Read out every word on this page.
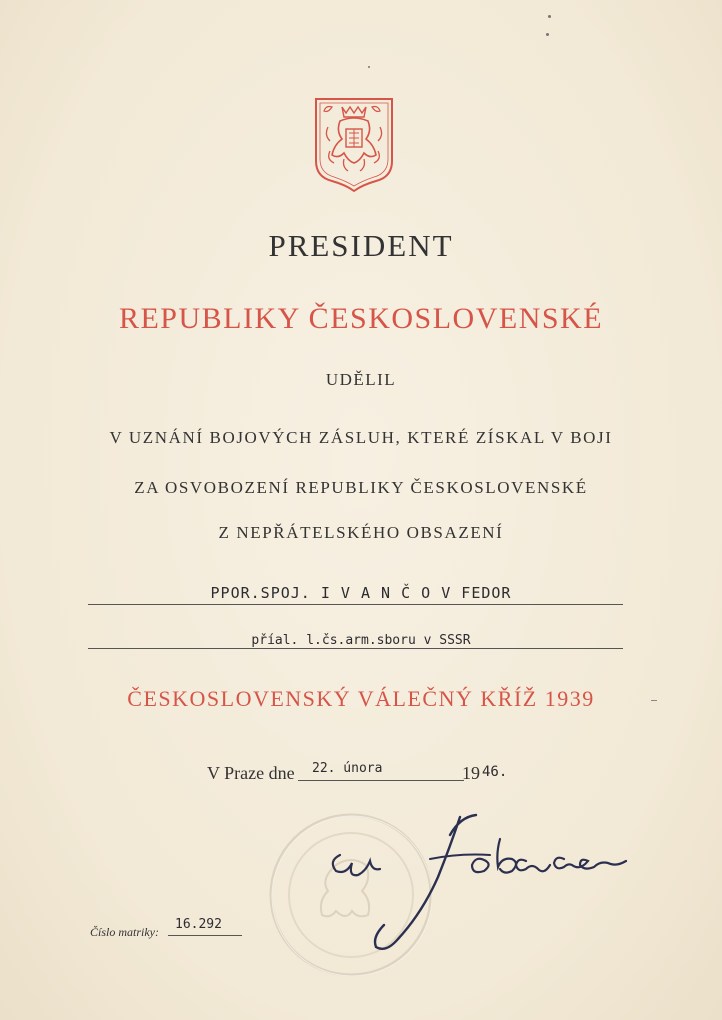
PRESIDENT
REPUBLIKY ČESKOSLOVENSKÉ
UDĚLIL
V UZNÁNÍ BOJOVÝCH ZÁSLUH, KTERÉ ZÍSKAL V BOJI
ZA OSVOBOZENÍ REPUBLIKY ČESKOSLOVENSKÉ
Z NEPŘÁTELSKÉHO OBSAZENÍ
PPOR.SPOJ. I V A N Č O V FEDOR
příal. l.čs.arm.sboru v SSSR
ČESKOSLOVENSKÝ VÁLEČNÝ KŘÍŽ 1939
V Praze dne 22. února	19 46.
Číslo matriky: 16.292
